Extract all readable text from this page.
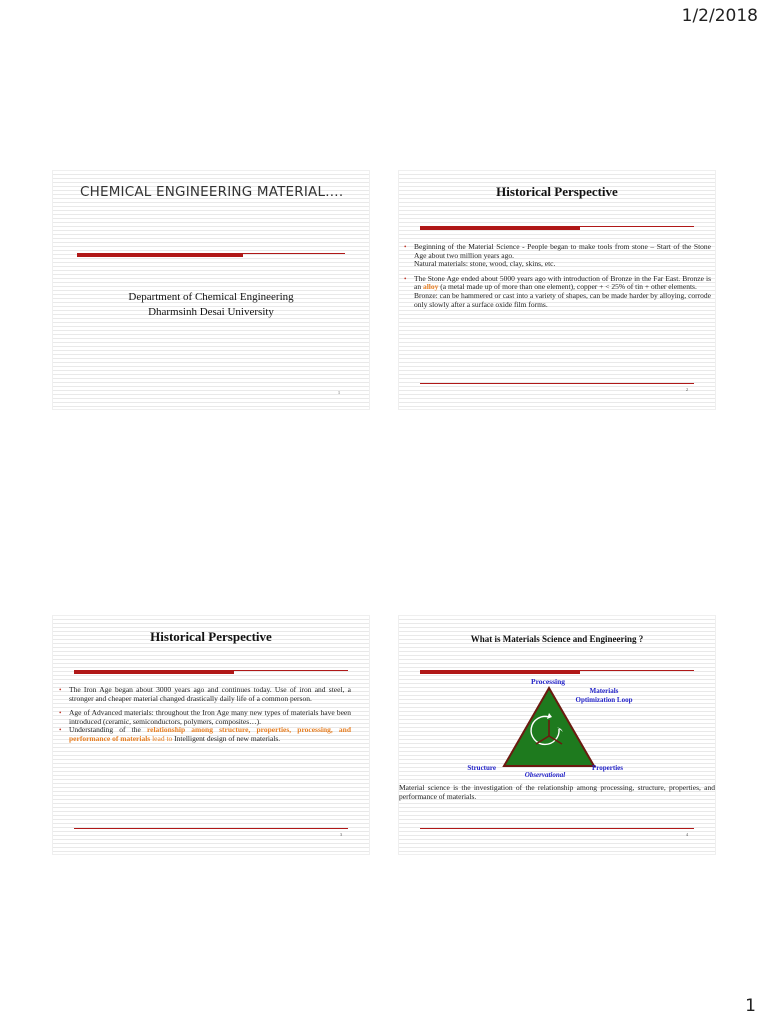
1/2/2018
CHEMICAL ENGINEERING MATERIAL….
Department of Chemical Engineering
Dharmsinh Desai University
1
Historical Perspective
• Beginning of the Material Science - People began to make tools from stone – Start of the Stone Age about two million years ago.
Natural materials: stone, wood, clay, skins, etc.
• The Stone Age ended about 5000 years ago with introduction of Bronze in the Far East. Bronze is an alloy (a metal made up of more than one element), copper + < 25% of tin + other elements.
Bronze: can be hammered or cast into a variety of shapes, can be made harder by alloying, corrode only slowly after a surface oxide film forms.
2
Historical Perspective
• The Iron Age began about 3000 years ago and continues today. Use of iron and steel, a stronger and cheaper material changed drastically daily life of a common person.
• Age of Advanced materials: throughout the Iron Age many new types of materials have been introduced (ceramic, semiconductors, polymers, composites…).
• Understanding of the relationship among structure, properties, processing, and performance of materials lead to Intelligent design of new materials.
3
What is Materials Science and Engineering ?
Processing
Materials
Optimization Loop
Structure	Properties
Observational

Material science is the investigation of the relationship among processing, structure, properties, and performance of materials.

4
1
